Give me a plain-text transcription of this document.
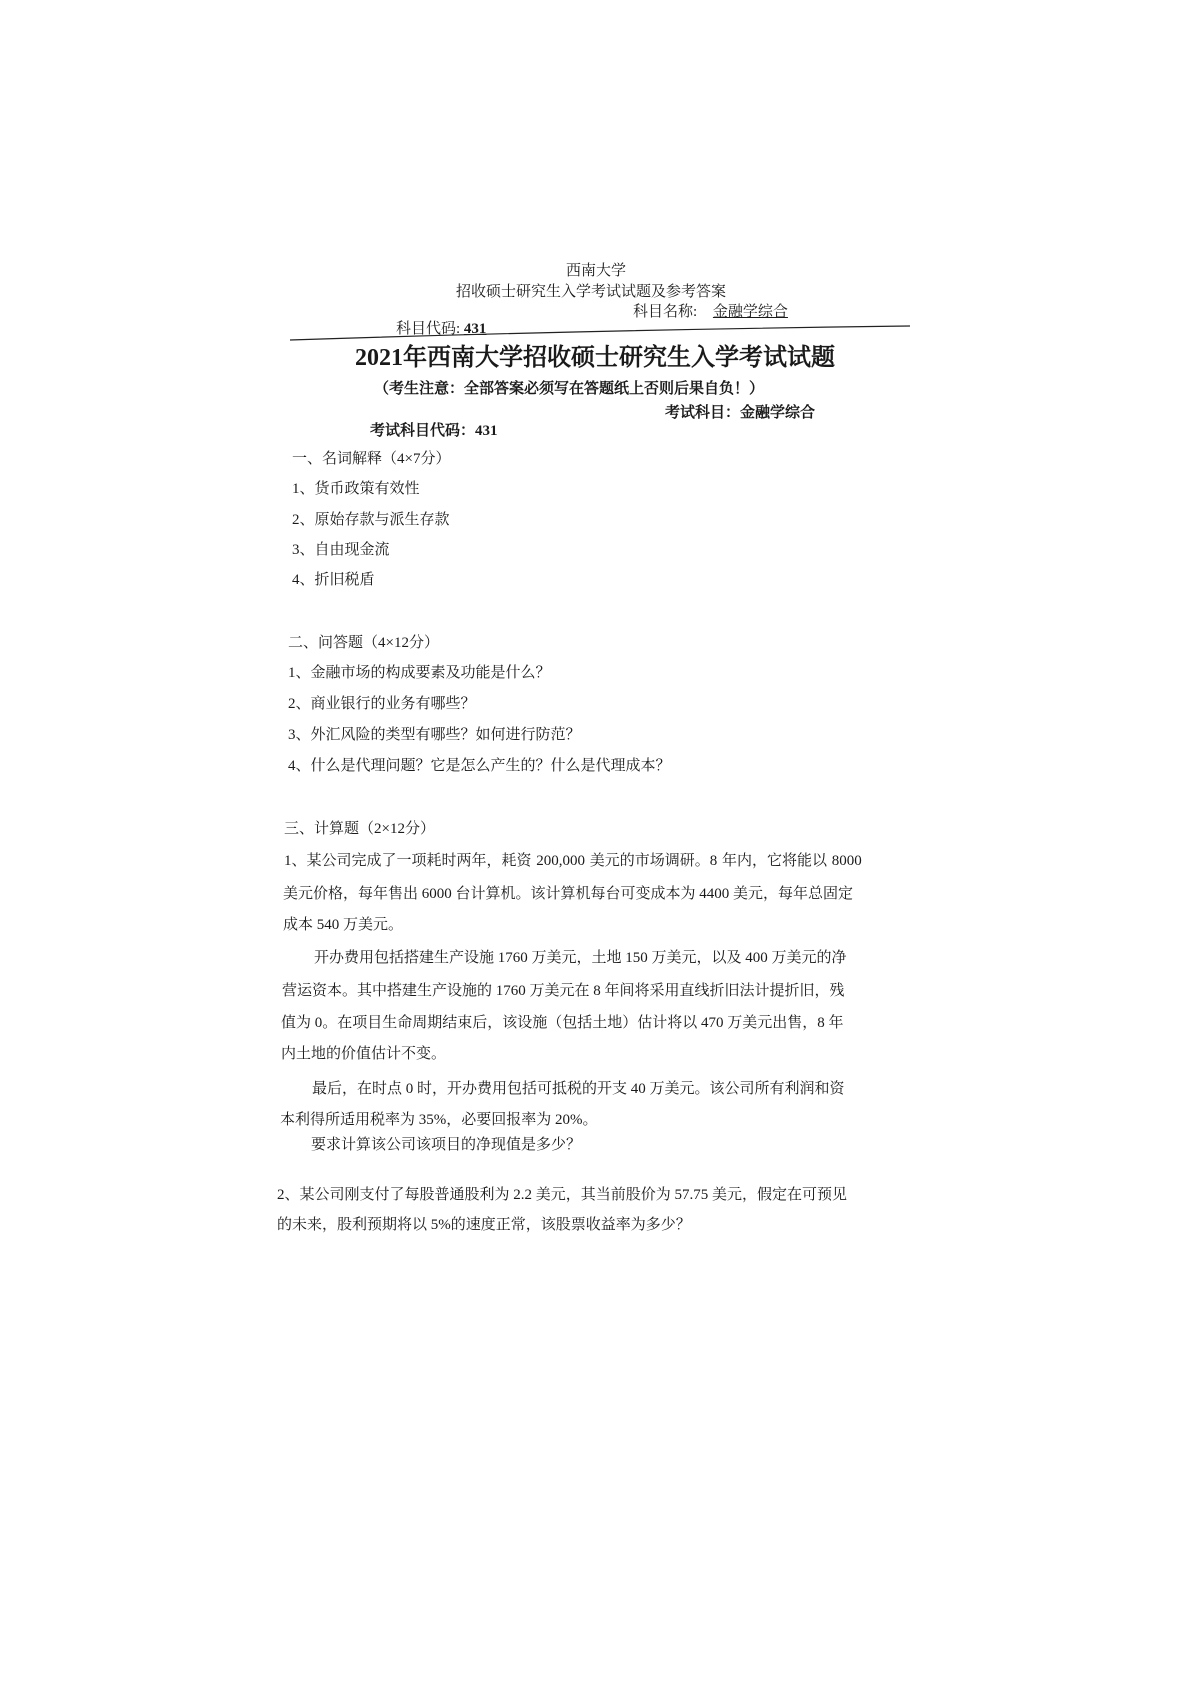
西南大学
招收硕士研究生入学考试试题及参考答案
科目名称: 金融学综合
科目代码: 431
2021年西南大学招收硕士研究生入学考试试题
（考生注意：全部答案必须写在答题纸上否则后果自负！）
考试科目：金融学综合
考试科目代码：431
一、名词解释（4×7分）
1、货币政策有效性
2、原始存款与派生存款
3、自由现金流
4、折旧税盾
二、问答题（4×12分）
1、金融市场的构成要素及功能是什么？
2、商业银行的业务有哪些？
3、外汇风险的类型有哪些？如何进行防范？
4、什么是代理问题？它是怎么产生的？什么是代理成本？
三、计算题（2×12分）
1、某公司完成了一项耗时两年，耗资 200,000 美元的市场调研。8 年内，它将能以 8000
美元价格，每年售出 6000 台计算机。该计算机每台可变成本为 4400 美元，每年总固定
成本 540 万美元。
开办费用包括搭建生产设施 1760 万美元，土地 150 万美元，以及 400 万美元的净
营运资本。其中搭建生产设施的 1760 万美元在 8 年间将采用直线折旧法计提折旧，残
值为 0。在项目生命周期结束后，该设施（包括土地）估计将以 470 万美元出售，8 年
内土地的价值估计不变。
最后，在时点 0 时，开办费用包括可抵税的开支 40 万美元。该公司所有利润和资
本利得所适用税率为 35%，必要回报率为 20%。
要求计算该公司该项目的净现值是多少？
2、某公司刚支付了每股普通股利为 2.2 美元，其当前股价为 57.75 美元，假定在可预见
的未来，股利预期将以 5%的速度正常，该股票收益率为多少？
